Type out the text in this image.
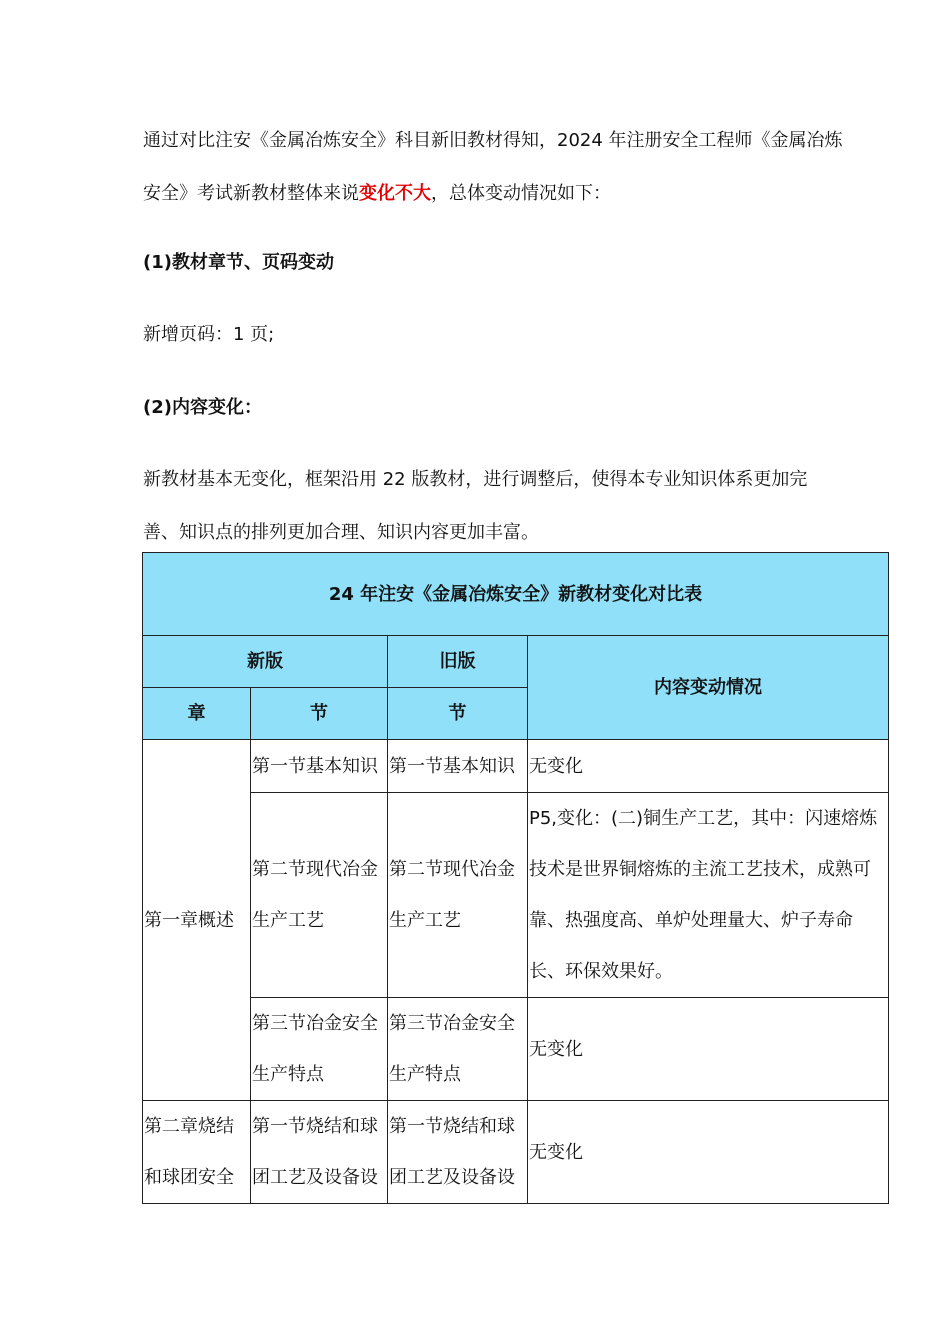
通过对比注安《金属冶炼安全》科目新旧教材得知，2024 年注册安全工程师《金属冶炼安全》考试新教材整体来说变化不大，总体变动情况如下：

(1)教材章节、页码变动

新增页码：1 页;

(2)内容变化：

新教材基本无变化，框架沿用 22 版教材，进行调整后，使得本专业知识体系更加完善、知识点的排列更加合理、知识内容更加丰富。

24 年注安《金属冶炼安全》新教材变化对比表			
新版		旧版	内容变动情况
章	节	节	
第一章概述	第一节基本知识	第一节基本知识	无变化
	第二节现代冶金生产工艺	第二节现代冶金生产工艺	P5,变化：(二)铜生产工艺，其中：闪速熔炼技术是世界铜熔炼的主流工艺技术，成熟可靠、热强度高、单炉处理量大、炉子寿命长、环保效果好。
	第三节冶金安全生产特点	第三节冶金安全生产特点	无变化
第二章烧结和球团安全	第一节烧结和球团工艺及设备设	第一节烧结和球团工艺及设备设	无变化
